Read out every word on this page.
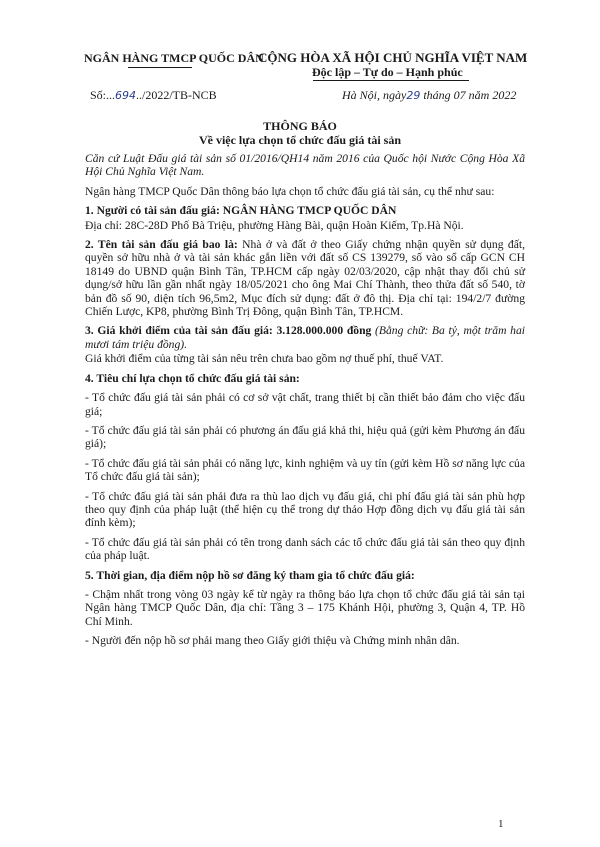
NGÂN HÀNG TMCP QUỐC DÂN
CỘNG HÒA XÃ HỘI CHỦ NGHĨA VIỆT NAM
Độc lập – Tự do – Hạnh phúc
Số:...694../2022/TB-NCB	Hà Nội, ngày29 tháng 07 năm 2022
THÔNG BÁO
Về việc lựa chọn tổ chức đấu giá tài sản

Căn cứ Luật Đấu giá tài sản số 01/2016/QH14 năm 2016 của Quốc hội Nước Cộng Hòa Xã Hội Chủ Nghĩa Việt Nam.

Ngân hàng TMCP Quốc Dân thông báo lựa chọn tổ chức đấu giá tài sản, cụ thể như sau:

1. Người có tài sản đấu giá: NGÂN HÀNG TMCP QUỐC DÂN

Địa chỉ: 28C-28D Phố Bà Triệu, phường Hàng Bài, quận Hoàn Kiếm, Tp.Hà Nội.

2. Tên tài sản đấu giá bao là: Nhà ở và đất ở theo Giấy chứng nhận quyền sử dụng đất, quyền sở hữu nhà ở và tài sản khác gắn liền với đất số CS 139279, số vào sổ cấp GCN CH 18149 do UBND quận Bình Tân, TP.HCM cấp ngày 02/03/2020, cập nhật thay đổi chủ sử dụng/sở hữu lần gần nhất ngày 18/05/2021 cho ông Mai Chí Thành, theo thửa đất số 540, tờ bản đồ số 90, diện tích 96,5m2, Mục đích sử dụng: đất ở đô thị. Địa chỉ tại: 194/2/7 đường Chiến Lược, KP8, phường Bình Trị Đông, quận Bình Tân, TP.HCM.

3. Giá khởi điểm của tài sản đấu giá: 3.128.000.000 đồng (Bằng chữ: Ba tỷ, một trăm hai mươi tám triệu đồng).

Giá khởi điểm của từng tài sản nêu trên chưa bao gồm nợ thuế phí, thuế VAT.

4. Tiêu chí lựa chọn tổ chức đấu giá tài sản:

- Tổ chức đấu giá tài sản phải có cơ sở vật chất, trang thiết bị cần thiết bảo đảm cho việc đấu giá;

- Tổ chức đấu giá tài sản phải có phương án đấu giá khả thi, hiệu quả (gửi kèm Phương án đấu giá);

- Tổ chức đấu giá tài sản phải có năng lực, kinh nghiệm và uy tín (gửi kèm Hồ sơ năng lực của Tổ chức đấu giá tài sản);

- Tổ chức đấu giá tài sản phải đưa ra thù lao dịch vụ đấu giá, chi phí đấu giá tài sản phù hợp theo quy định của pháp luật (thể hiện cụ thể trong dự thảo Hợp đồng dịch vụ đấu giá tài sản đính kèm);

- Tổ chức đấu giá tài sản phải có tên trong danh sách các tổ chức đấu giá tài sản theo quy định của pháp luật.

5. Thời gian, địa điểm nộp hồ sơ đăng ký tham gia tổ chức đấu giá:

- Chậm nhất trong vòng 03 ngày kể từ ngày ra thông báo lựa chọn tổ chức đấu giá tài sản tại Ngân hàng TMCP Quốc Dân, địa chỉ: Tầng 3 – 175 Khánh Hội, phường 3, Quận 4, TP. Hồ Chí Minh.

- Người đến nộp hồ sơ phải mang theo Giấy giới thiệu và Chứng minh nhân dân.

1
